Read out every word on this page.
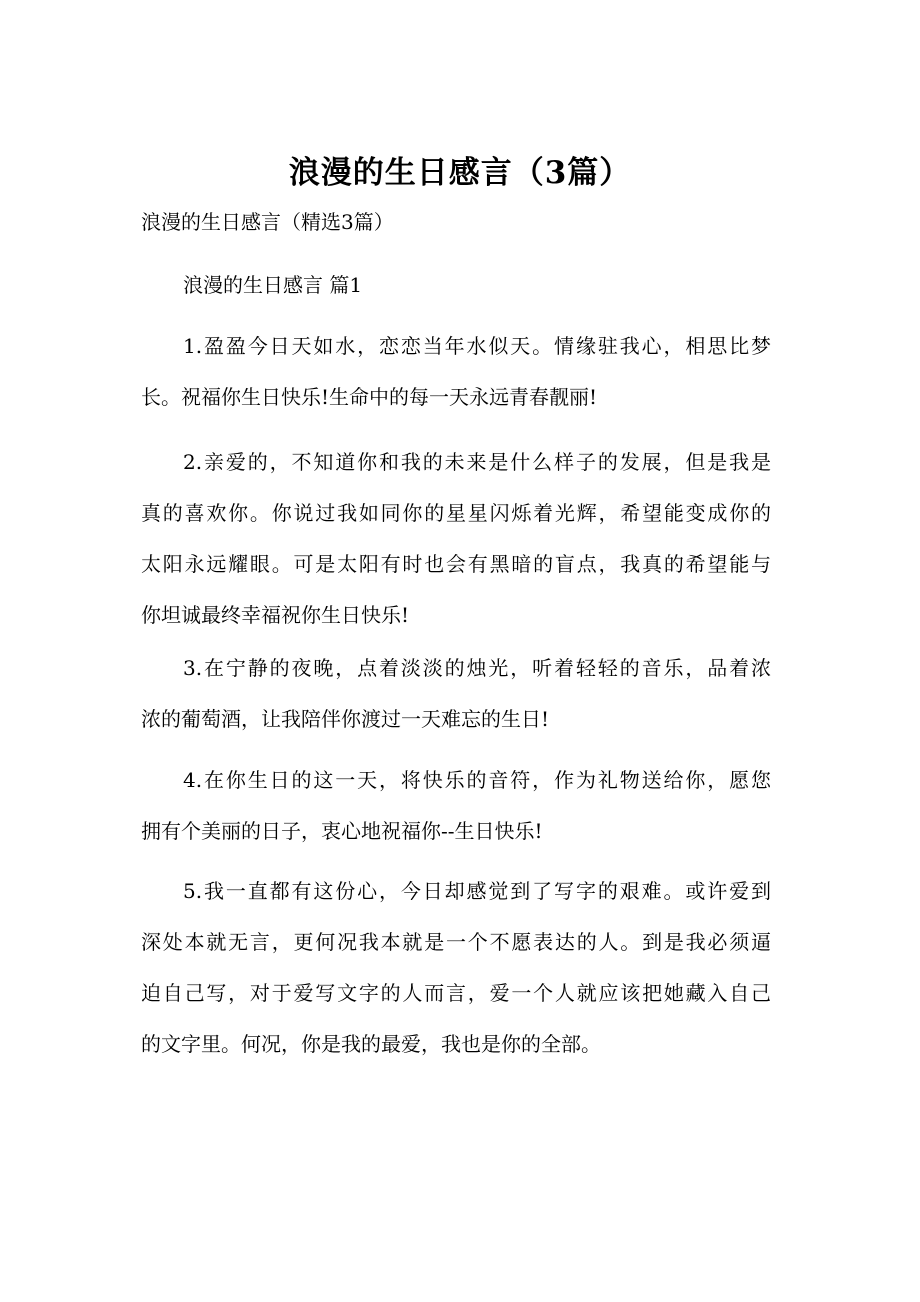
浪漫的生日感言（3篇）

浪漫的生日感言（精选3篇）

浪漫的生日感言 篇1

1.盈盈今日天如水，恋恋当年水似天。情缘驻我心，相思比梦
长。祝福你生日快乐!生命中的每一天永远青春靓丽!
2.亲爱的，不知道你和我的未来是什么样子的发展，但是我是
真的喜欢你。你说过我如同你的星星闪烁着光辉，希望能变成你的
太阳永远耀眼。可是太阳有时也会有黑暗的盲点，我真的希望能与
你坦诚最终幸福祝你生日快乐!
3.在宁静的夜晚，点着淡淡的烛光，听着轻轻的音乐，品着浓
浓的葡萄酒，让我陪伴你渡过一天难忘的生日!
4.在你生日的这一天，将快乐的音符，作为礼物送给你，愿您
拥有个美丽的日子，衷心地祝福你--生日快乐!
5.我一直都有这份心，今日却感觉到了写字的艰难。或许爱到
深处本就无言，更何况我本就是一个不愿表达的人。到是我必须逼
迫自己写，对于爱写文字的人而言，爱一个人就应该把她藏入自己
的文字里。何况，你是我的最爱，我也是你的全部。
